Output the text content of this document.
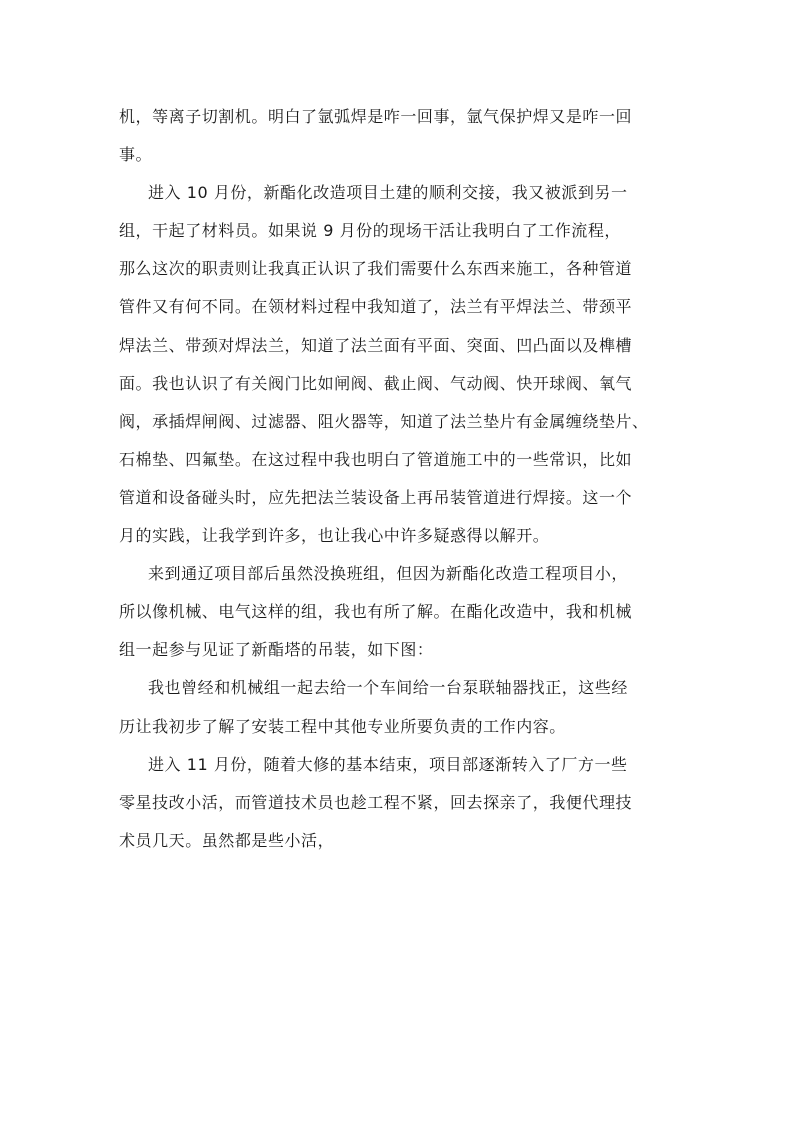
机，等离子切割机。明白了氩弧焊是咋一回事，氩气保护焊又是咋一回
事。
进入 10 月份，新酯化改造项目土建的顺利交接，我又被派到另一
组，干起了材料员。如果说 9 月份的现场干活让我明白了工作流程，
那么这次的职责则让我真正认识了我们需要什么东西来施工，各种管道
管件又有何不同。在领材料过程中我知道了，法兰有平焊法兰、带颈平
焊法兰、带颈对焊法兰，知道了法兰面有平面、突面、凹凸面以及榫槽
面。我也认识了有关阀门比如闸阀、截止阀、气动阀、快开球阀、氧气
阀，承插焊闸阀、过滤器、阻火器等，知道了法兰垫片有金属缠绕垫片、
石棉垫、四氟垫。在这过程中我也明白了管道施工中的一些常识，比如
管道和设备碰头时，应先把法兰装设备上再吊装管道进行焊接。这一个
月的实践，让我学到许多，也让我心中许多疑惑得以解开。
来到通辽项目部后虽然没换班组，但因为新酯化改造工程项目小，
所以像机械、电气这样的组，我也有所了解。在酯化改造中，我和机械
组一起参与见证了新酯塔的吊装，如下图：
我也曾经和机械组一起去给一个车间给一台泵联轴器找正，这些经
历让我初步了解了安装工程中其他专业所要负责的工作内容。
进入 11 月份，随着大修的基本结束，项目部逐渐转入了厂方一些
零星技改小活，而管道技术员也趁工程不紧，回去探亲了，我便代理技
术员几天。虽然都是些小活，
